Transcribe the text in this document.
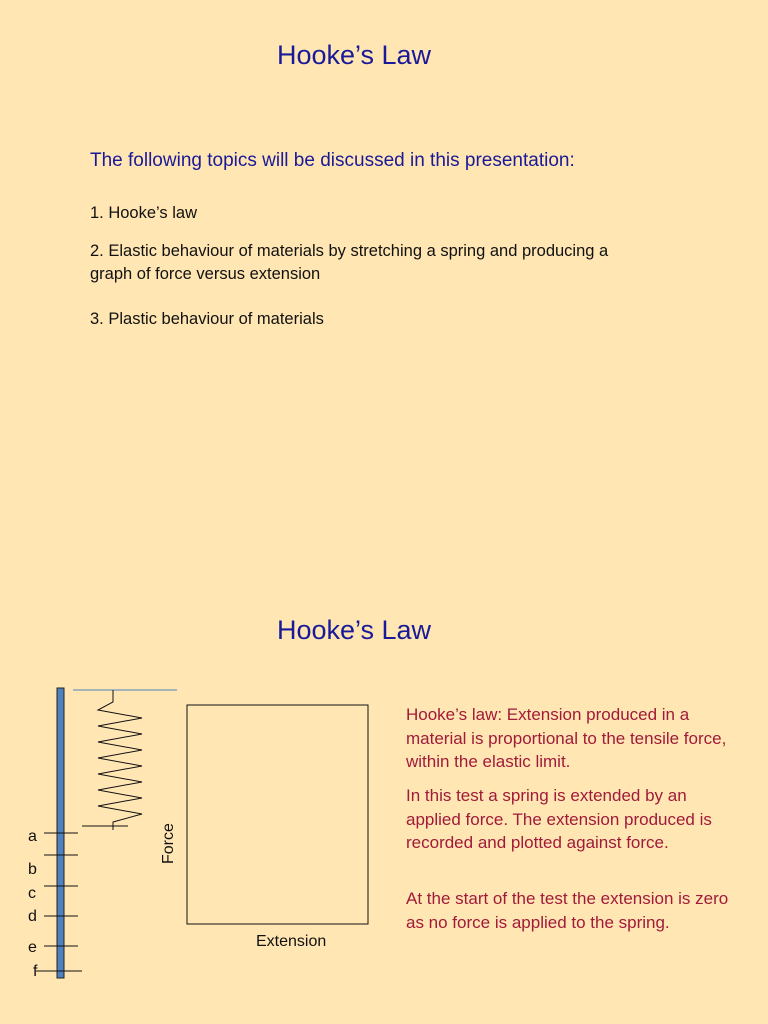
Hooke’s Law
The following topics will be discussed in this presentation:
1. Hooke’s law
2. Elastic behaviour of materials by stretching a spring and producing a graph of force versus extension
3. Plastic behaviour of materials
Hooke’s Law
a
b
c
d
e
f
Force
Extension
Hooke’s law: Extension produced in a material is proportional to the tensile force, within the elastic limit.
In this test a spring is extended by an applied force. The extension produced is recorded and plotted against force.
At the start of the test the extension is zero as no force is applied to the spring.
